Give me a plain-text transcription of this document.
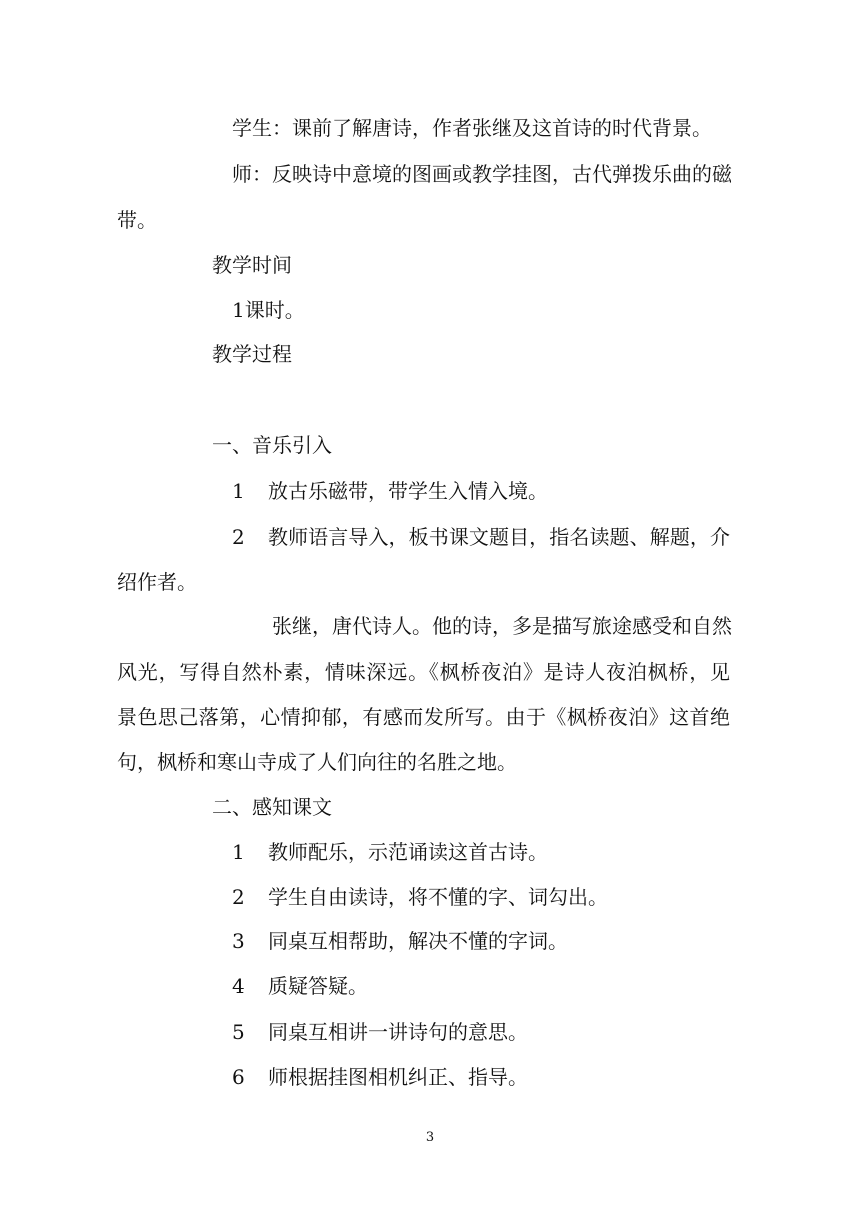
学生：课前了解唐诗，作者张继及这首诗的时代背景。

师：反映诗中意境的图画或教学挂图，古代弹拨乐曲的磁

带。

教学时间

1课时。

教学过程

一、音乐引入

1 放古乐磁带，带学生入情入境。

2 教师语言导入，板书课文题目，指名读题、解题，介

绍作者。

张继，唐代诗人。他的诗，多是描写旅途感受和自然

风光，写得自然朴素，情味深远。《枫桥夜泊》是诗人夜泊枫桥，见

景色思己落第，心情抑郁，有感而发所写。由于《枫桥夜泊》这首绝

句，枫桥和寒山寺成了人们向往的名胜之地。

二、感知课文

1 教师配乐，示范诵读这首古诗。

2 学生自由读诗，将不懂的字、词勾出。

3 同桌互相帮助，解决不懂的字词。

4 质疑答疑。

5 同桌互相讲一讲诗句的意思。

6 师根据挂图相机纠正、指导。

3
